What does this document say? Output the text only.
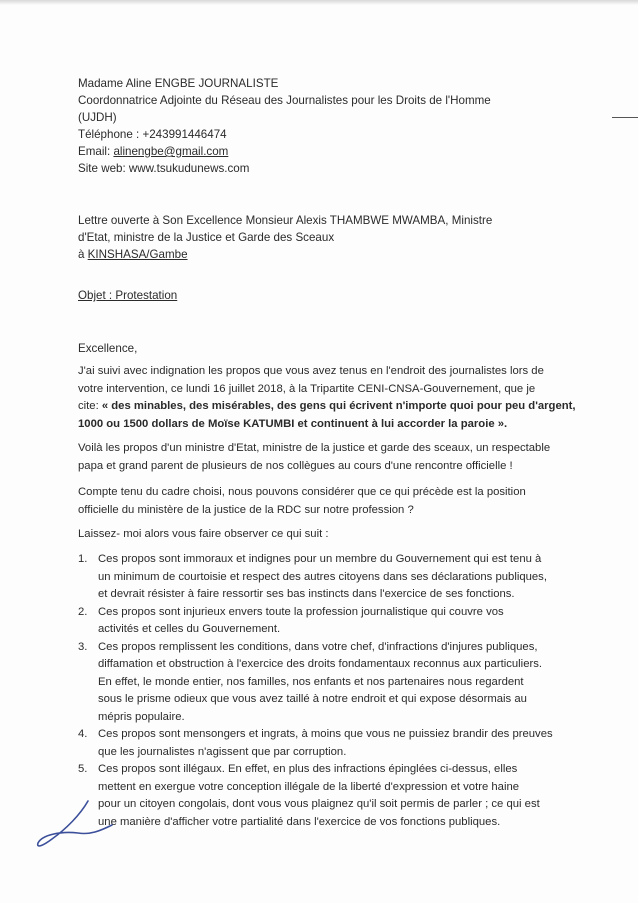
Madame Aline ENGBE JOURNALISTE
Coordonnatrice Adjointe du Réseau des Journalistes pour les Droits de l'Homme
(UJDH)
Téléphone : +243991446474
Email: alinengbe@gmail.com
Site web: www.tsukudunews.com
Lettre ouverte à Son Excellence Monsieur Alexis THAMBWE MWAMBA, Ministre
d'Etat, ministre de la Justice et Garde des Sceaux
à KINSHASA/Gambe
Objet : Protestation
Excellence,
J'ai suivi avec indignation les propos que vous avez tenus en l'endroit des journalistes lors de
votre intervention, ce lundi 16 juillet 2018, à la Tripartite CENI-CNSA-Gouvernement, que je
cite: « des minables, des misérables, des gens qui écrivent n'importe quoi pour peu d'argent,
1000 ou 1500 dollars de Moïse KATUMBI et continuent à lui accorder la paroie ».
Voilà les propos d'un ministre d'Etat, ministre de la justice et garde des sceaux, un respectable
papa et grand parent de plusieurs de nos collègues au cours d'une rencontre officielle !
Compte tenu du cadre choisi, nous pouvons considérer que ce qui précède est la position
officielle du ministère de la justice de la RDC sur notre profession ?
Laissez- moi alors vous faire observer ce qui suit :
1. Ces propos sont immoraux et indignes pour un membre du Gouvernement qui est tenu à
un minimum de courtoisie et respect des autres citoyens dans ses déclarations publiques,
et devrait résister à faire ressortir ses bas instincts dans l'exercice de ses fonctions.
2. Ces propos sont injurieux envers toute la profession journalistique qui couvre vos
activités et celles du Gouvernement.
3. Ces propos remplissent les conditions, dans votre chef, d'infractions d'injures publiques,
diffamation et obstruction à l'exercice des droits fondamentaux reconnus aux particuliers.
En effet, le monde entier, nos familles, nos enfants et nos partenaires nous regardent
sous le prisme odieux que vous avez taillé à notre endroit et qui expose désormais au
mépris populaire.
4. Ces propos sont mensongers et ingrats, à moins que vous ne puissiez brandir des preuves
que les journalistes n'agissent que par corruption.
5. Ces propos sont illégaux. En effet, en plus des infractions épinglées ci-dessus, elles
mettent en exergue votre conception illégale de la liberté d'expression et votre haine
pour un citoyen congolais, dont vous vous plaignez qu'il soit permis de parler ; ce qui est
une manière d'afficher votre partialité dans l'exercice de vos fonctions publiques.
